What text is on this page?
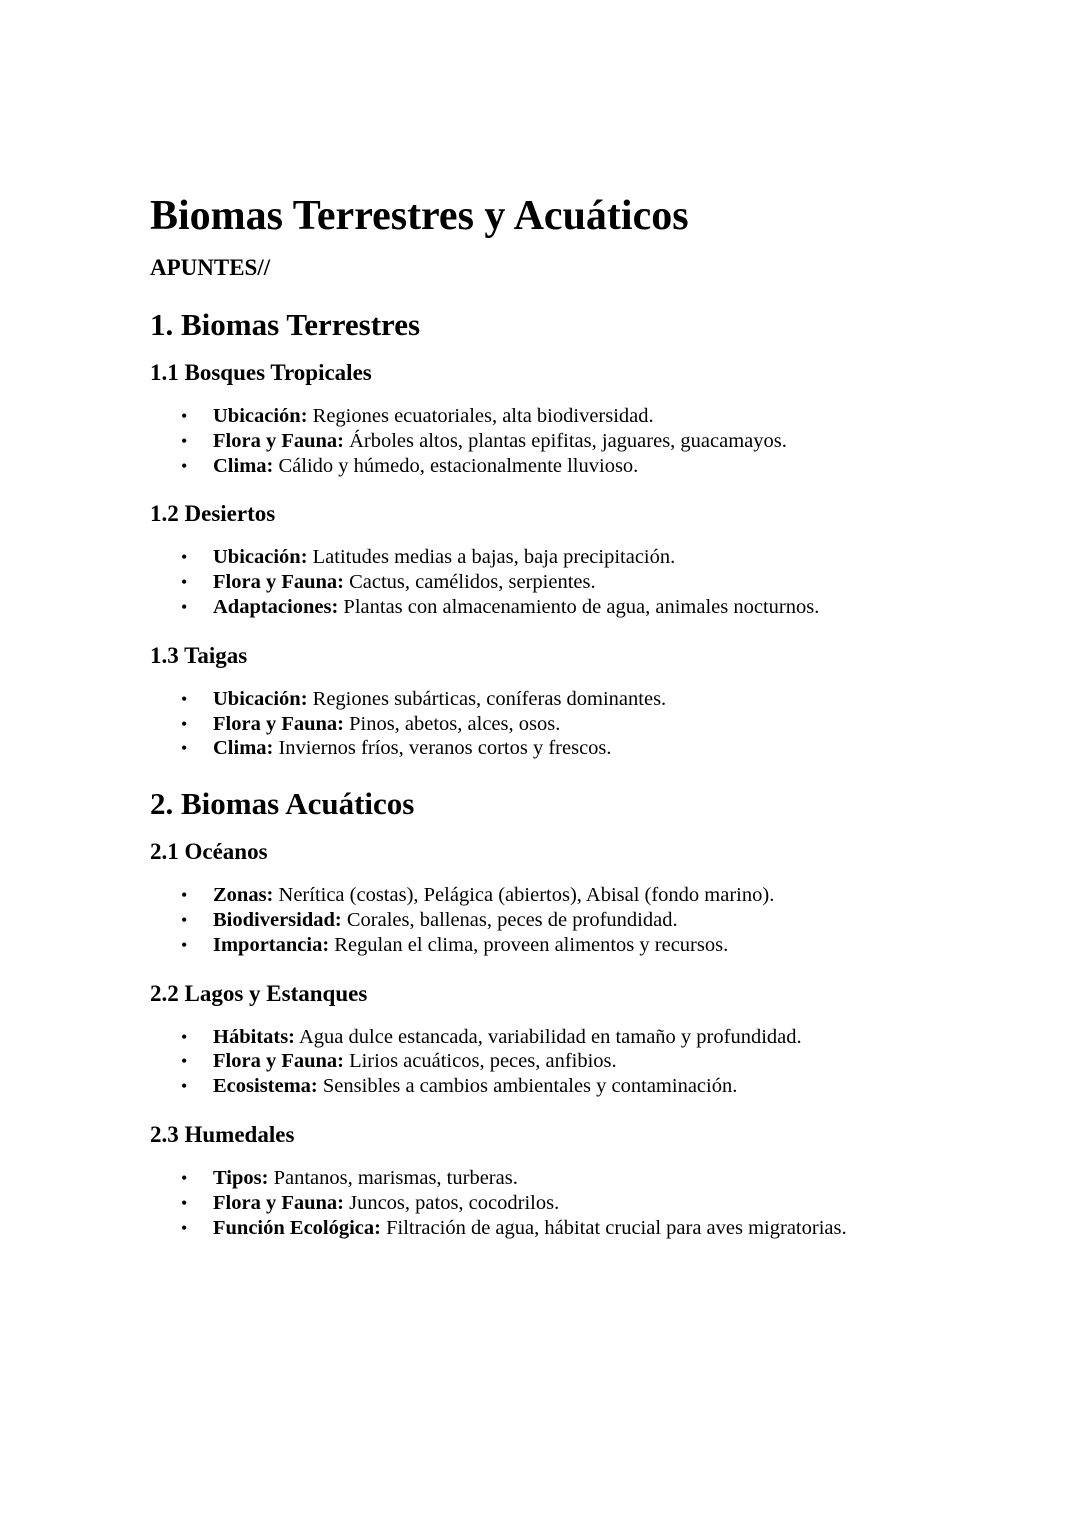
Biomas Terrestres y Acuáticos
APUNTES//
1. Biomas Terrestres
1.1 Bosques Tropicales
• Ubicación: Regiones ecuatoriales, alta biodiversidad.
• Flora y Fauna: Árboles altos, plantas epifitas, jaguares, guacamayos.
• Clima: Cálido y húmedo, estacionalmente lluvioso.
1.2 Desiertos
• Ubicación: Latitudes medias a bajas, baja precipitación.
• Flora y Fauna: Cactus, camélidos, serpientes.
• Adaptaciones: Plantas con almacenamiento de agua, animales nocturnos.
1.3 Taigas
• Ubicación: Regiones subárticas, coníferas dominantes.
• Flora y Fauna: Pinos, abetos, alces, osos.
• Clima: Inviernos fríos, veranos cortos y frescos.
2. Biomas Acuáticos
2.1 Océanos
• Zonas: Nerítica (costas), Pelágica (abiertos), Abisal (fondo marino).
• Biodiversidad: Corales, ballenas, peces de profundidad.
• Importancia: Regulan el clima, proveen alimentos y recursos.
2.2 Lagos y Estanques
• Hábitats: Agua dulce estancada, variabilidad en tamaño y profundidad.
• Flora y Fauna: Lirios acuáticos, peces, anfibios.
• Ecosistema: Sensibles a cambios ambientales y contaminación.
2.3 Humedales
• Tipos: Pantanos, marismas, turberas.
• Flora y Fauna: Juncos, patos, cocodrilos.
• Función Ecológica: Filtración de agua, hábitat crucial para aves migratorias.
